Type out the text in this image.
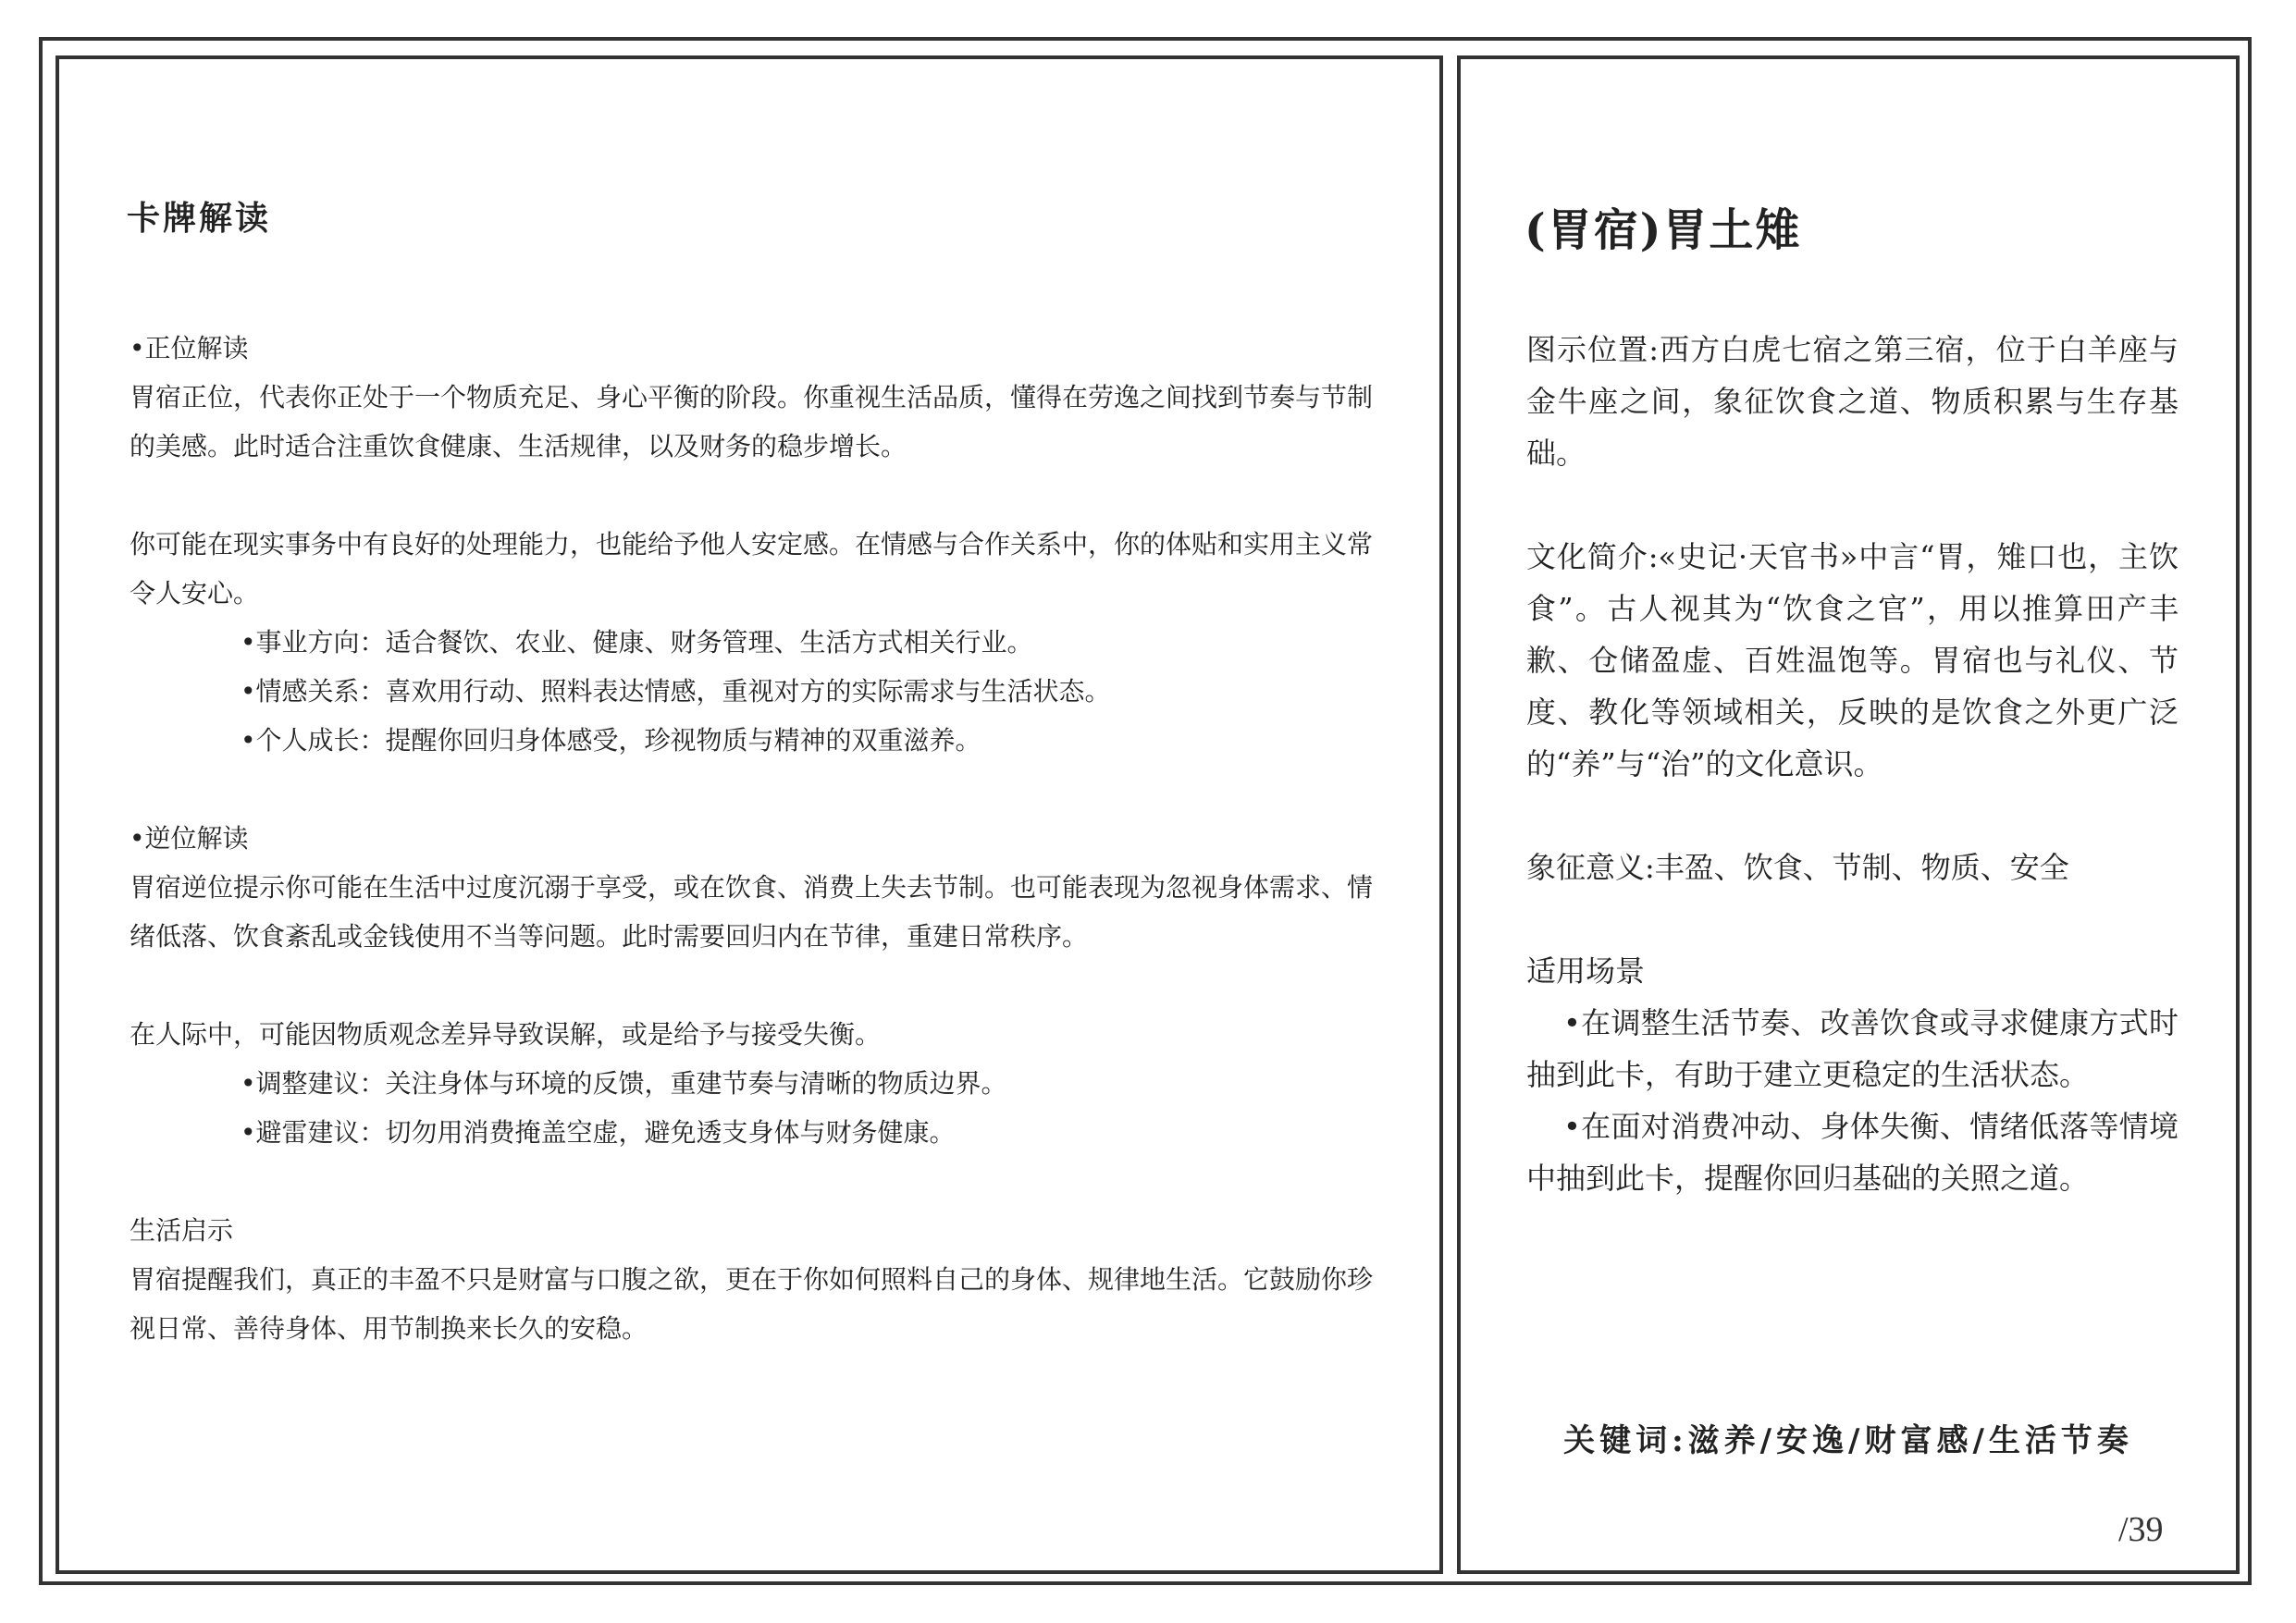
卡牌解读

•正位解读

胃宿正位，代表你正处于一个物质充足、身心平衡的阶段。你重视生活品质，懂得在劳逸之间找到节奏与节制

的美感。此时适合注重饮食健康、生活规律，以及财务的稳步增长。

你可能在现实事务中有良好的处理能力，也能给予他人安定感。在情感与合作关系中，你的体贴和实用主义常

令人安心。

•事业方向：适合餐饮、农业、健康、财务管理、生活方式相关行业。

•情感关系：喜欢用行动、照料表达情感，重视对方的实际需求与生活状态。

•个人成长：提醒你回归身体感受，珍视物质与精神的双重滋养。

•逆位解读

胃宿逆位提示你可能在生活中过度沉溺于享受，或在饮食、消费上失去节制。也可能表现为忽视身体需求、情

绪低落、饮食紊乱或金钱使用不当等问题。此时需要回归内在节律，重建日常秩序。

在人际中，可能因物质观念差异导致误解，或是给予与接受失衡。

•调整建议：关注身体与环境的反馈，重建节奏与清晰的物质边界。

•避雷建议：切勿用消费掩盖空虚，避免透支身体与财务健康。

生活启示

胃宿提醒我们，真正的丰盈不只是财富与口腹之欲，更在于你如何照料自己的身体、规律地生活。它鼓励你珍

视日常、善待身体、用节制换来长久的安稳。

(胃宿)胃土雉

图示位置:西方白虎七宿之第三宿，位于白羊座与金牛座之间，象征饮食之道、物质积累与生存基础。

文化简介:«史记·天官书»中言“胃，雉口也，主饮食”。古人视其为“饮食之官”，用以推算田产丰歉、仓储盈虚、百姓温饱等。胃宿也与礼仪、节度、教化等领域相关，反映的是饮食之外更广泛的“养”与“治”的文化意识。

象征意义:丰盈、饮食、节制、物质、安全

适用场景

•在调整生活节奏、改善饮食或寻求健康方式时抽到此卡，有助于建立更稳定的生活状态。

•在面对消费冲动、身体失衡、情绪低落等情境中抽到此卡，提醒你回归基础的关照之道。

关键词:滋养/安逸/财富感/生活节奏
/39
